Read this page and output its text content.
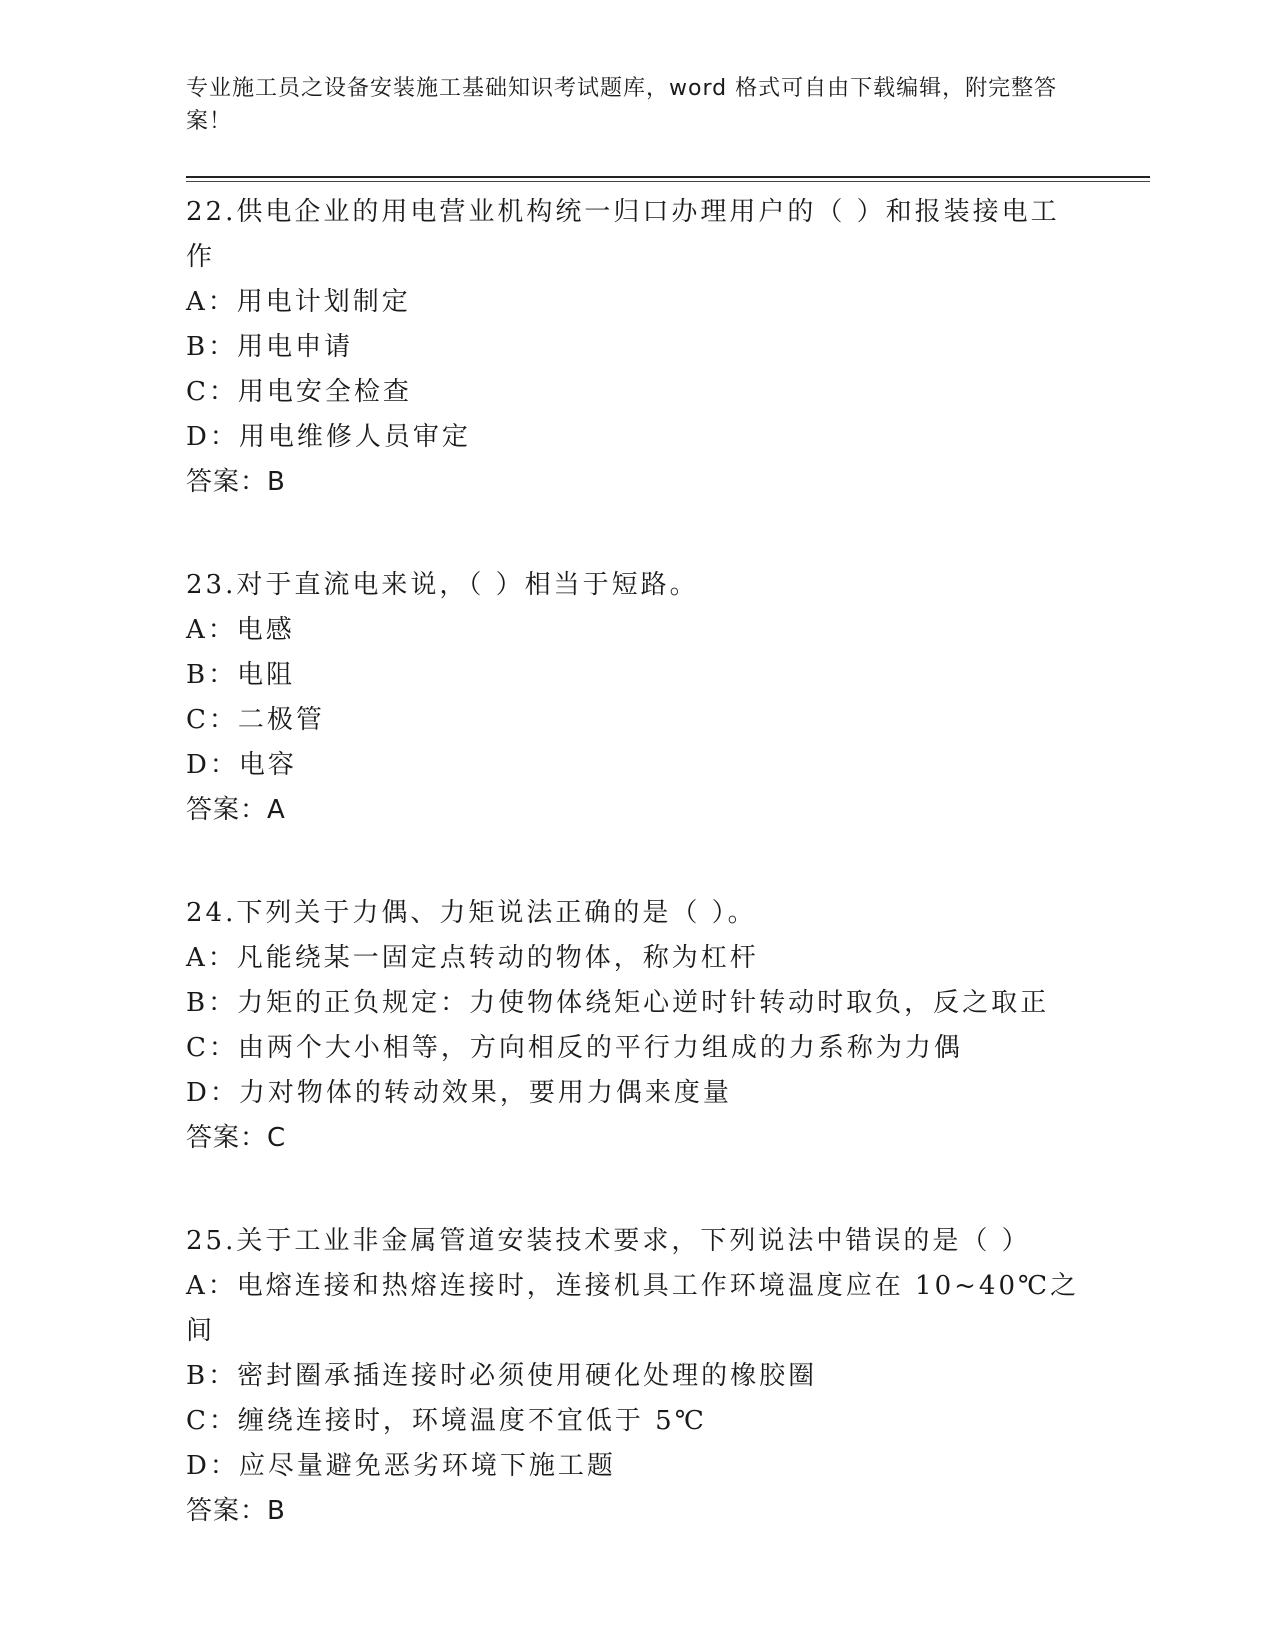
专业施工员之设备安装施工基础知识考试题库，word 格式可自由下载编辑，附完整答案！

22.供电企业的用电营业机构统一归口办理用户的（ ）和报装接电工作

A：用电计划制定

B：用电申请

C：用电安全检查

D：用电维修人员审定

答案：B

23.对于直流电来说，（ ）相当于短路。

A：电感

B：电阻

C：二极管

D：电容

答案：A

24.下列关于力偶、力矩说法正确的是（ ）。

A：凡能绕某一固定点转动的物体，称为杠杆

B：力矩的正负规定：力使物体绕矩心逆时针转动时取负，反之取正

C：由两个大小相等，方向相反的平行力组成的力系称为力偶

D：力对物体的转动效果，要用力偶来度量

答案：C

25.关于工业非金属管道安装技术要求，下列说法中错误的是（ ）

A：电熔连接和热熔连接时，连接机具工作环境温度应在 10~40℃之间

B：密封圈承插连接时必须使用硬化处理的橡胶圈

C：缠绕连接时，环境温度不宜低于 5℃

D：应尽量避免恶劣环境下施工题

答案：B
